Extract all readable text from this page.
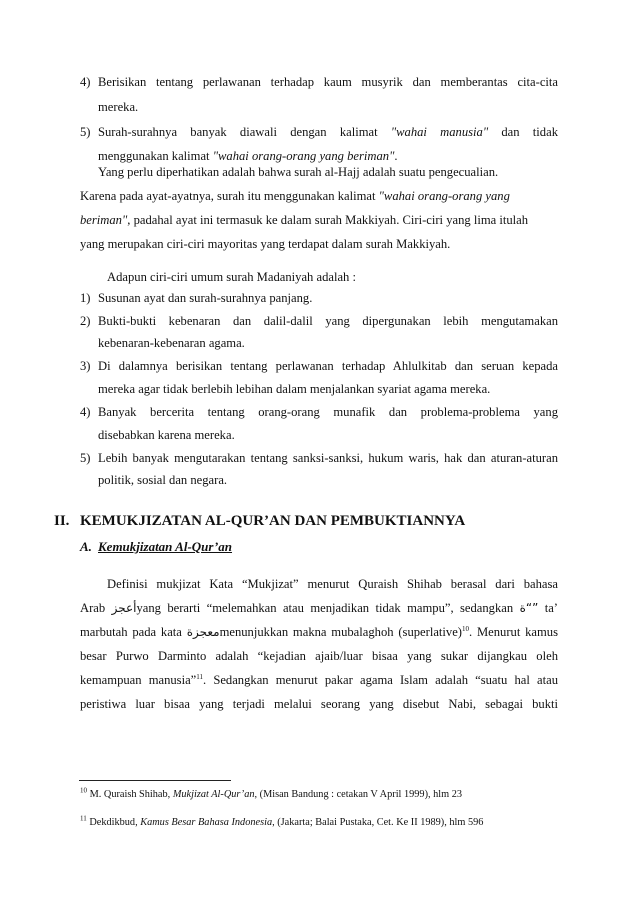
4) Berisikan tentang perlawanan terhadap kaum musyrik dan memberantas cita-cita
mereka.
5) Surah-surahnya banyak diawali dengan kalimat "wahai manusia" dan tidak
menggunakan kalimat "wahai orang-orang yang beriman".
Yang perlu diperhatikan adalah bahwa surah al-Hajj adalah suatu pengecualian.
Karena pada ayat-ayatnya, surah itu menggunakan kalimat "wahai orang-orang yang
beriman", padahal ayat ini termasuk ke dalam surah Makkiyah. Ciri-ciri yang lima itulah
yang merupakan ciri-ciri mayoritas yang terdapat dalam surah Makkiyah.
Adapun ciri-ciri umum surah Madaniyah adalah :
1) Susunan ayat dan surah-surahnya panjang.
2) Bukti-bukti kebenaran dan dalil-dalil yang dipergunakan lebih mengutamakan
kebenaran-kebenaran agama.
3) Di dalamnya berisikan tentang perlawanan terhadap Ahlulkitab dan seruan kepada
mereka agar tidak berlebih lebihan dalam menjalankan syariat agama mereka.
4) Banyak bercerita tentang orang-orang munafik dan problema-problema yang
disebabkan karena mereka.
5) Lebih banyak mengutarakan tentang sanksi-sanksi, hukum waris, hak dan aturan-aturan
politik, sosial dan negara.
II. KEMUKJIZATAN AL-QUR’AN DAN PEMBUKTIANNYA
A. Kemukjizatan Al-Qur’an
Definisi mukjizat Kata “Mukjizat” menurut Quraish Shihab berasal dari bahasa
Arab أعجزyang berarti “melemahkan atau menjadikan tidak mampu”, sedangkan ة“” ta’
marbutah pada kata معجزةmenunjukkan makna mubalaghoh (superlative)$^{10}$. Menurut kamus
besar Purwo Darminto adalah “kejadian ajaib/luar bisaa yang sukar dijangkau oleh
kemampuan manusia”$^{11}$. Sedangkan menurut pakar agama Islam adalah “suatu hal atau
peristiwa luar bisaa yang terjadi melalui seorang yang disebut Nabi, sebagai bukti
$^{10}$ M. Quraish Shihab, Mukjizat Al-Qur’an, (Misan Bandung : cetakan V April 1999), hlm 23
$^{11}$ Dekdikbud, Kamus Besar Bahasa Indonesia, (Jakarta; Balai Pustaka, Cet. Ke II 1989), hlm 596
